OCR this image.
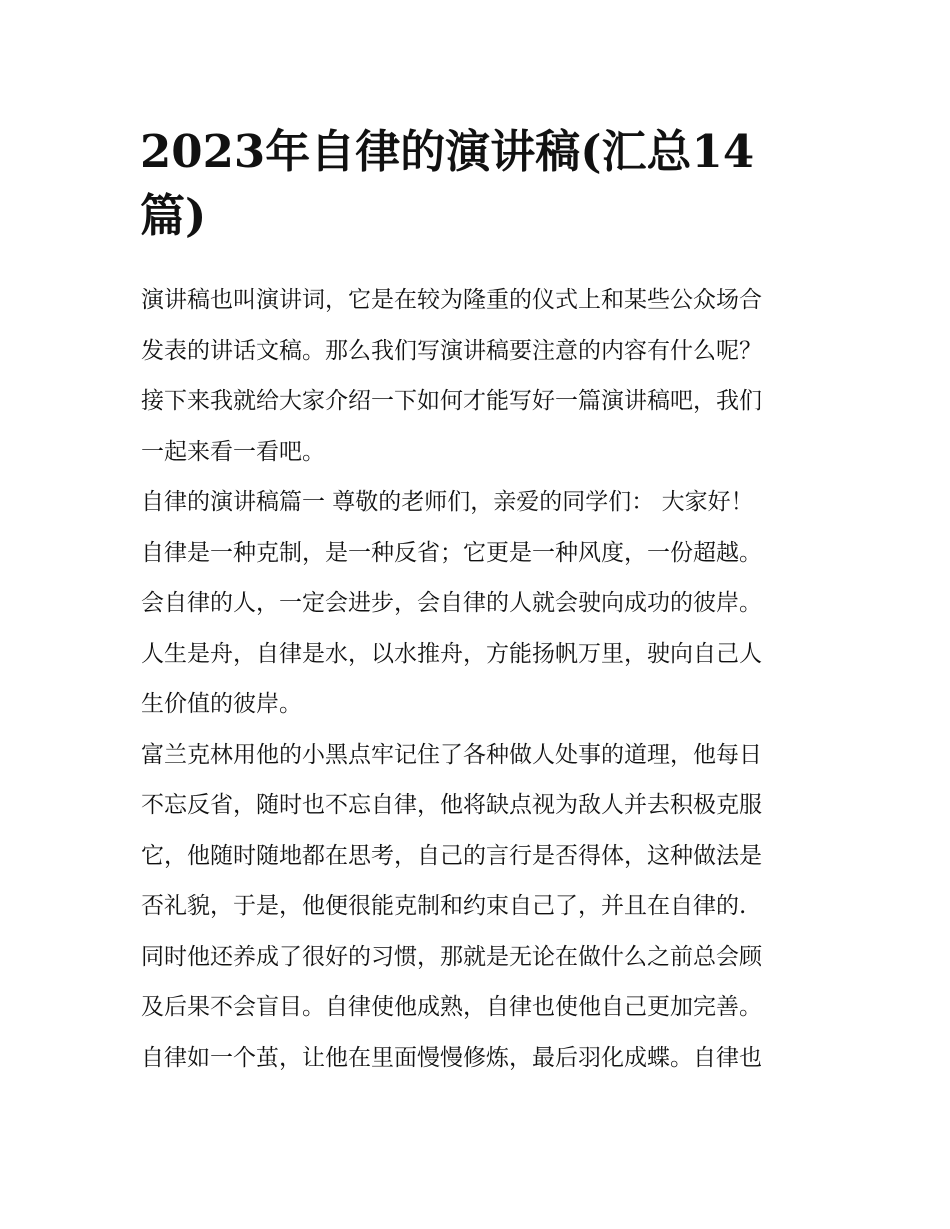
2023年自律的演讲稿(汇总14
篇)
演讲稿也叫演讲词，它是在较为隆重的仪式上和某些公众场合
发表的讲话文稿。那么我们写演讲稿要注意的内容有什么呢？
接下来我就给大家介绍一下如何才能写好一篇演讲稿吧，我们
一起来看一看吧。
自律的演讲稿篇一 尊敬的老师们，亲爱的同学们： 大家好！
自律是一种克制，是一种反省；它更是一种风度，一份超越。
会自律的人，一定会进步，会自律的人就会驶向成功的彼岸。
人生是舟，自律是水，以水推舟，方能扬帆万里，驶向自己人
生价值的彼岸。
富兰克林用他的小黑点牢记住了各种做人处事的道理，他每日
不忘反省，随时也不忘自律，他将缺点视为敌人并去积极克服
它，他随时随地都在思考，自己的言行是否得体，这种做法是
否礼貌，于是，他便很能克制和约束自己了，并且在自律的.
同时他还养成了很好的习惯，那就是无论在做什么之前总会顾
及后果不会盲目。自律使他成熟，自律也使他自己更加完善。
自律如一个茧，让他在里面慢慢修炼，最后羽化成蝶。自律也
